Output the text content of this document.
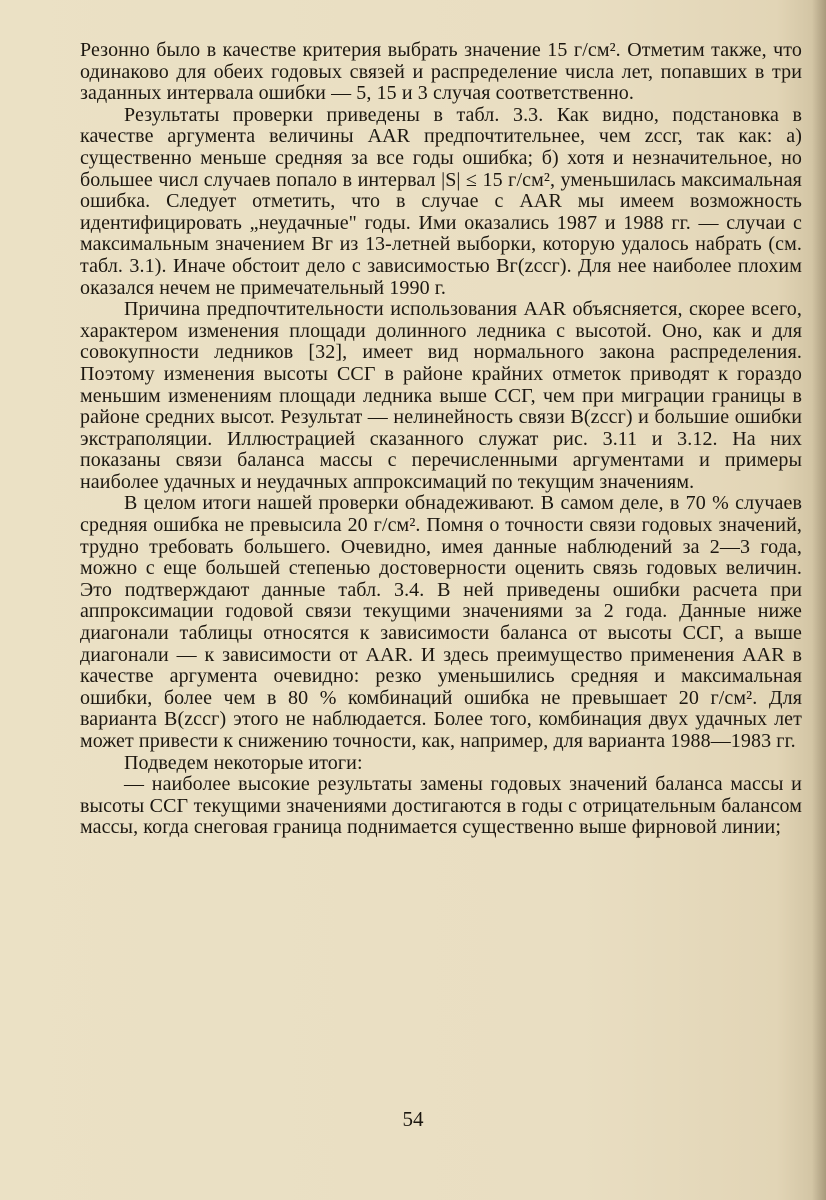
Резонно было в качестве критерия выбрать значение 15 г/см². Отметим также, что одинаково для обеих годовых связей и распределение числа лет, попавших в три заданных интервала ошибки — 5, 15 и 3 случая соответственно.

Результаты проверки приведены в табл. 3.3. Как видно, подстановка в качестве аргумента величины AAR предпочтительнее, чем zссг, так как: а) существенно меньше средняя за все годы ошибка; б) хотя и незначительное, но большее числ случаев попало в интервал |S| ≤ 15 г/см², уменьшилась максимальная ошибка. Следует отметить, что в случае с AAR мы имеем возможность идентифицировать „неудачные" годы. Ими оказались 1987 и 1988 гг. — случаи с максимальным значением Bг из 13-летней выборки, которую удалось набрать (см. табл. 3.1). Иначе обстоит дело с зависимостью Bг(zссг). Для нее наиболее плохим оказался нечем не примечательный 1990 г.

Причина предпочтительности использования AAR объясняется, скорее всего, характером изменения площади долинного ледника с высотой. Оно, как и для совокупности ледников [32], имеет вид нормального закона распределения. Поэтому изменения высоты ССГ в районе крайних отметок приводят к гораздо меньшим изменениям площади ледника выше ССГ, чем при миграции границы в районе средних высот. Результат — нелинейность связи B(zссг) и большие ошибки экстраполяции. Иллюстрацией сказанного служат рис. 3.11 и 3.12. На них показаны связи баланса массы с перечисленными аргументами и примеры наиболее удачных и неудачных аппроксимаций по текущим значениям.

В целом итоги нашей проверки обнадеживают. В самом деле, в 70 % случаев средняя ошибка не превысила 20 г/см². Помня о точности связи годовых значений, трудно требовать большего. Очевидно, имея данные наблюдений за 2—3 года, можно с еще большей степенью достоверности оценить связь годовых величин. Это подтверждают данные табл. 3.4. В ней приведены ошибки расчета при аппроксимации годовой связи текущими значениями за 2 года. Данные ниже диагонали таблицы относятся к зависимости баланса от высоты ССГ, а выше диагонали — к зависимости от AAR. И здесь преимущество применения AAR в качестве аргумента очевидно: резко уменьшились средняя и максимальная ошибки, более чем в 80 % комбинаций ошибка не превышает 20 г/см². Для варианта B(zссг) этого не наблюдается. Более того, комбинация двух удачных лет может привести к снижению точности, как, например, для варианта 1988—1983 гг.

Подведем некоторые итоги:

— наиболее высокие результаты замены годовых значений баланса массы и высоты ССГ текущими значениями достигаются в годы с отрицательным балансом массы, когда снеговая граница поднимается существенно выше фирновой линии;

54
